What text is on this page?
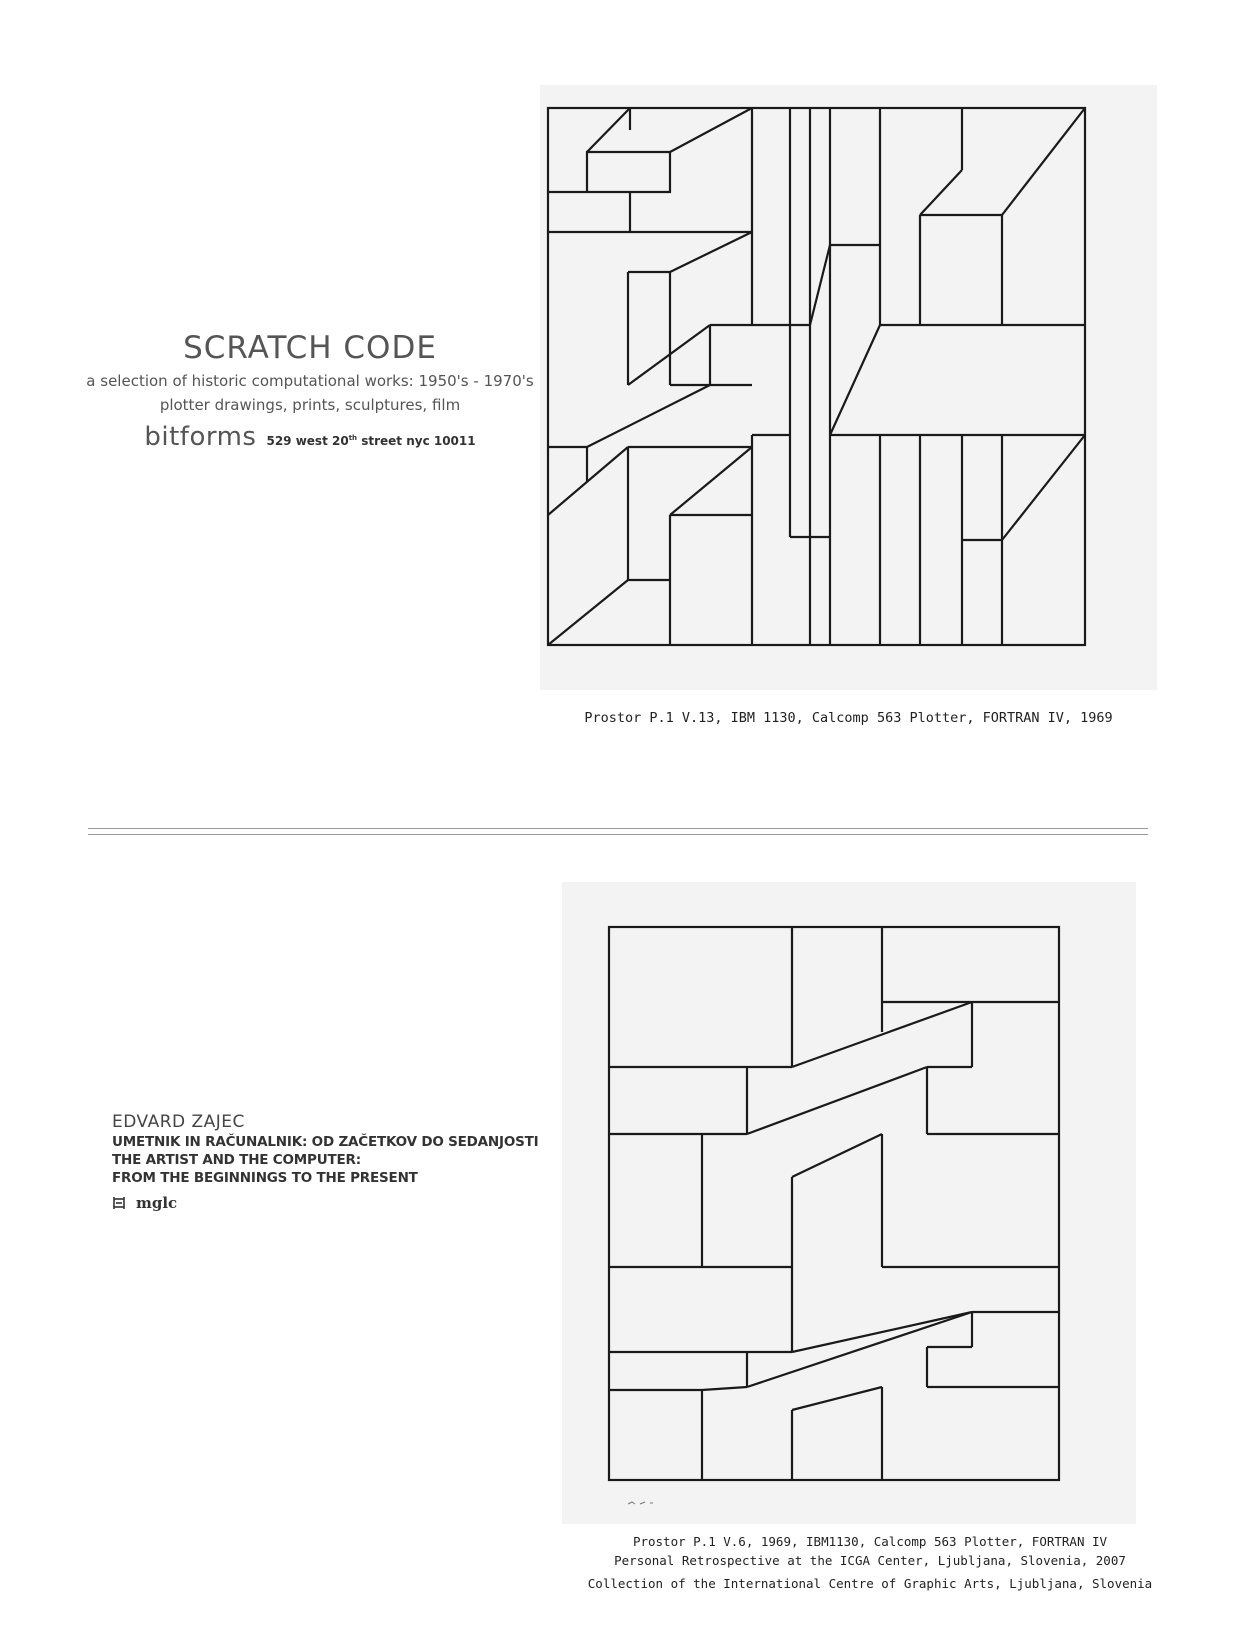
SCRATCH CODE
a selection of historic computational works: 1950's - 1970's
plotter drawings, prints, sculptures, film
bitforms 529 west 20th street nyc 10011
Prostor P.1 V.13, IBM 1130, Calcomp 563 Plotter, FORTRAN IV, 1969
EDVARD ZAJEC
UMETNIK IN RAČUNALNIK: OD ZAČETKOV DO SEDANJOSTI
THE ARTIST AND THE COMPUTER:
FROM THE BEGINNINGS TO THE PRESENT
mglc
Prostor P.1 V.6, 1969, IBM1130, Calcomp 563 Plotter, FORTRAN IV
Personal Retrospective at the ICGA Center, Ljubljana, Slovenia, 2007
Collection of the International Centre of Graphic Arts, Ljubljana, Slovenia
